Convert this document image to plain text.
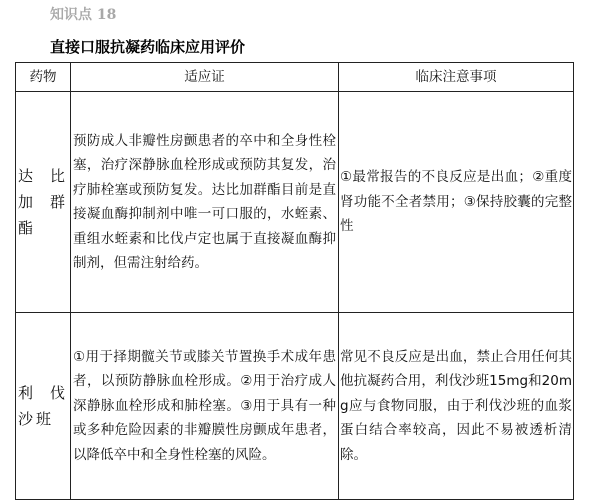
知识点 18
直接口服抗凝药临床应用评价
药物	适应证	临床注意事项
达比加群酯	预防成人非瓣性房颤患者的卒中和全身性栓塞，治疗深静脉血栓形成或预防其复发，治疗肺栓塞或预防复发。达比加群酯目前是直接凝血酶抑制剂中唯一可口服的，水蛭素、重组水蛭素和比伐卢定也属于直接凝血酶抑制剂，但需注射给药。	①最常报告的不良反应是出血；②重度肾功能不全者禁用；③保持胶囊的完整性
利伐沙班	①用于择期髋关节或膝关节置换手术成年患者，以预防静脉血栓形成。②用于治疗成人深静脉血栓形成和肺栓塞。③用于具有一种或多种危险因素的非瓣膜性房颤成年患者，以降低卒中和全身性栓塞的风险。	常见不良反应是出血，禁止合用任何其他抗凝药合用，利伐沙班15mg和20mg应与食物同服，由于利伐沙班的血浆蛋白结合率较高，因此不易被透析清除。
